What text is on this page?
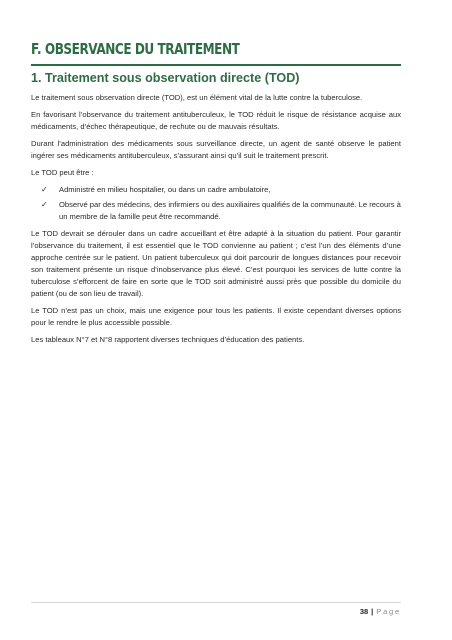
F. OBSERVANCE DU TRAITEMENT
1. Traitement sous observation directe (TOD)

Le traitement sous observation directe (TOD), est un élément vital de la lutte contre la tuberculose.

En favorisant l’observance du traitement antituberculeux, le TOD réduit le risque de résistance acquise aux médicaments, d’échec thérapeutique, de rechute ou de mauvais résultats.

Durant l’administration des médicaments sous surveillance directe, un agent de santé observe le patient ingérer ses médicaments antituberculeux, s’assurant ainsi qu’il suit le traitement prescrit.

Le TOD peut être :

✓ Administré en milieu hospitalier, ou dans un cadre ambulatoire,
✓ Observé par des médecins, des infirmiers ou des auxiliaires qualifiés de la communauté. Le recours à un membre de la famille peut être recommandé.

Le TOD devrait se dérouler dans un cadre accueillant et être adapté à la situation du patient. Pour garantir l’observance du traitement, il est essentiel que le TOD convienne au patient ; c’est l’un des éléments d’une approche centrée sur le patient. Un patient tuberculeux qui doit parcourir de longues distances pour recevoir son traitement présente un risque d’inobservance plus élevé. C’est pourquoi les services de lutte contre la tuberculose s’efforcent de faire en sorte que le TOD soit administré aussi près que possible du domicile du patient (ou de son lieu de travail).

Le TOD n’est pas un choix, mais une exigence pour tous les patients. Il existe cependant diverses options pour le rendre le plus accessible possible.

Les tableaux N°7 et N°8 rapportent diverses techniques d’éducation des patients.

38 | Page
